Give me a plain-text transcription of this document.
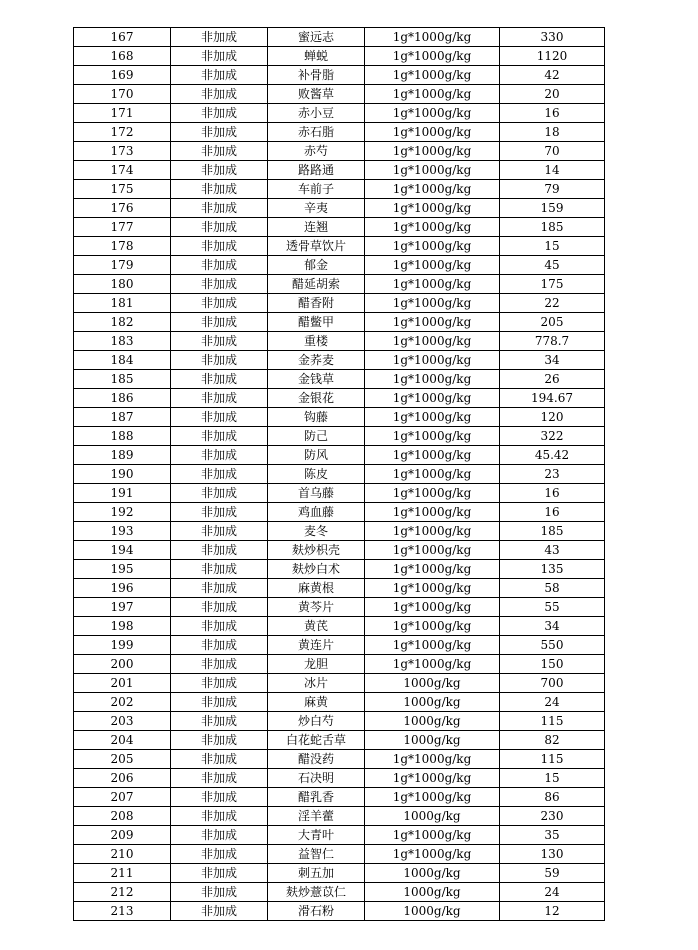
167	非加成	蜜远志	1g*1000g/kg	330
168	非加成	蝉蜕	1g*1000g/kg	1120
169	非加成	补骨脂	1g*1000g/kg	42
170	非加成	败酱草	1g*1000g/kg	20
171	非加成	赤小豆	1g*1000g/kg	16
172	非加成	赤石脂	1g*1000g/kg	18
173	非加成	赤芍	1g*1000g/kg	70
174	非加成	路路通	1g*1000g/kg	14
175	非加成	车前子	1g*1000g/kg	79
176	非加成	辛夷	1g*1000g/kg	159
177	非加成	连翘	1g*1000g/kg	185
178	非加成	透骨草饮片	1g*1000g/kg	15
179	非加成	郁金	1g*1000g/kg	45
180	非加成	醋延胡索	1g*1000g/kg	175
181	非加成	醋香附	1g*1000g/kg	22
182	非加成	醋鳖甲	1g*1000g/kg	205
183	非加成	重楼	1g*1000g/kg	778.7
184	非加成	金荞麦	1g*1000g/kg	34
185	非加成	金钱草	1g*1000g/kg	26
186	非加成	金银花	1g*1000g/kg	194.67
187	非加成	钩藤	1g*1000g/kg	120
188	非加成	防己	1g*1000g/kg	322
189	非加成	防风	1g*1000g/kg	45.42
190	非加成	陈皮	1g*1000g/kg	23
191	非加成	首乌藤	1g*1000g/kg	16
192	非加成	鸡血藤	1g*1000g/kg	16
193	非加成	麦冬	1g*1000g/kg	185
194	非加成	麸炒枳壳	1g*1000g/kg	43
195	非加成	麸炒白术	1g*1000g/kg	135
196	非加成	麻黄根	1g*1000g/kg	58
197	非加成	黄芩片	1g*1000g/kg	55
198	非加成	黄芪	1g*1000g/kg	34
199	非加成	黄连片	1g*1000g/kg	550
200	非加成	龙胆	1g*1000g/kg	150
201	非加成	冰片	1000g/kg	700
202	非加成	麻黄	1000g/kg	24
203	非加成	炒白芍	1000g/kg	115
204	非加成	白花蛇舌草	1000g/kg	82
205	非加成	醋没药	1g*1000g/kg	115
206	非加成	石决明	1g*1000g/kg	15
207	非加成	醋乳香	1g*1000g/kg	86
208	非加成	淫羊藿	1000g/kg	230
209	非加成	大青叶	1g*1000g/kg	35
210	非加成	益智仁	1g*1000g/kg	130
211	非加成	刺五加	1000g/kg	59
212	非加成	麸炒薏苡仁	1000g/kg	24
213	非加成	滑石粉	1000g/kg	12
